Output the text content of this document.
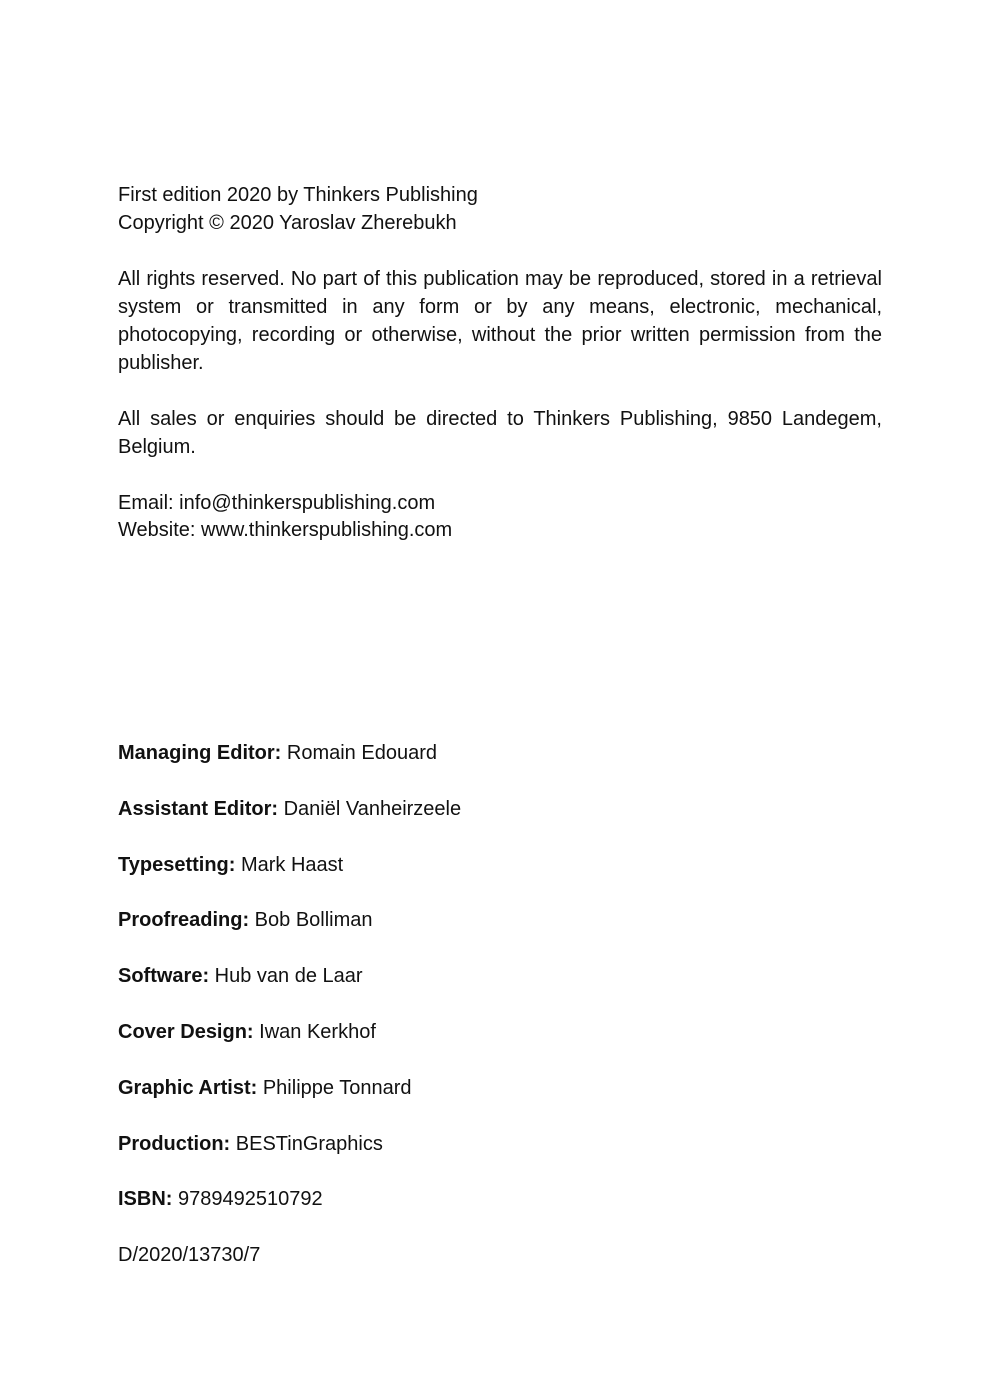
First edition 2020 by Thinkers Publishing
Copyright © 2020 Yaroslav Zherebukh

All rights reserved. No part of this publication may be reproduced, stored in a retrieval system or transmitted in any form or by any means, electronic, mechanical, photocopying, recording or otherwise, without the prior written permission from the publisher.

All sales or enquiries should be directed to Thinkers Publishing, 9850 Landegem, Belgium.

Email: info@thinkerspublishing.com
Website: www.thinkerspublishing.com
Managing Editor: Romain Edouard
Assistant Editor: Daniël Vanheirzeele
Typesetting: Mark Haast
Proofreading: Bob Bolliman
Software: Hub van de Laar
Cover Design: Iwan Kerkhof
Graphic Artist: Philippe Tonnard
Production: BESTinGraphics
ISBN: 9789492510792
D/2020/13730/7
